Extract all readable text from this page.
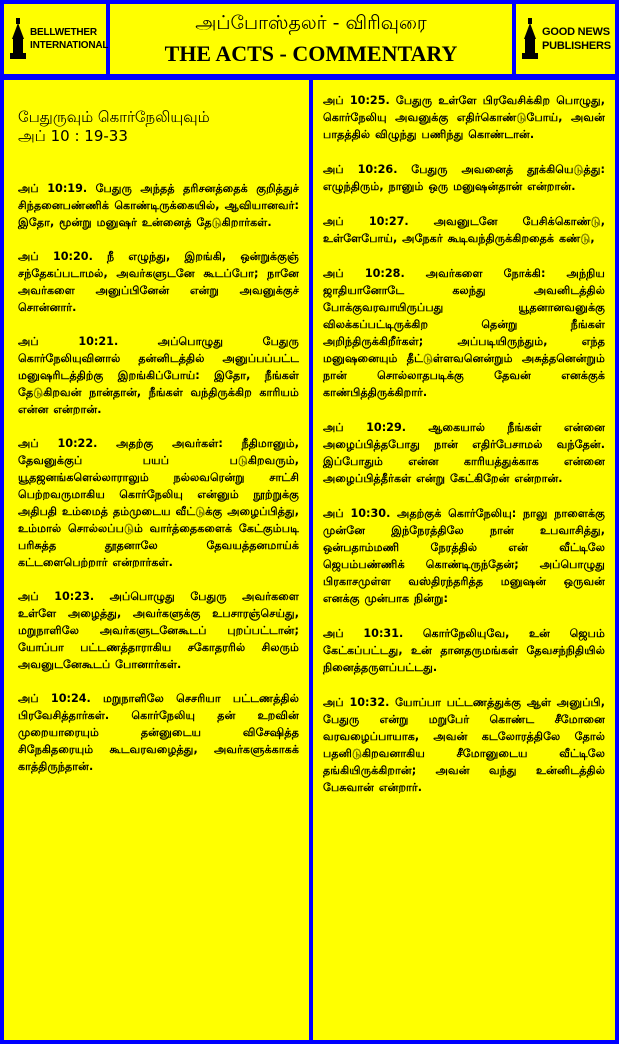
BELLWETHER
INTERNATIONAL
அப்போஸ்தலர் - விரிவுரை
THE ACTS - COMMENTARY
GOOD NEWS
PUBLISHERS
பேதுருவும் கொர்நேலியுவும்
அப் 10 : 19-33
அப் 10:19. பேதுரு அந்தத் தரிசனத்தைக் குறித்துச் சிந்தனைபண்ணிக் கொண்டிருக்கையில், ஆவியானவர்: இதோ, மூன்று மனுஷர் உன்னைத் தேடுகிறார்கள்.
அப் 10:20. நீ எழுந்து, இறங்கி, ஒன்றுக்குஞ் சந்தேகப்படாமல், அவர்களுடனே கூடப்போ; நானே அவர்களை அனுப்பினேன் என்று அவனுக்குச் சொன்னார்.
அப் 10:21. அப்பொழுது பேதுரு கொர்நேலியுவினால் தன்னிடத்தில் அனுப்பப்பட்ட மனுஷரிடத்திற்கு இறங்கிப்போய்: இதோ, நீங்கள் தேடுகிறவன் நான்தான், நீங்கள் வந்திருக்கிற காரியம் என்ன என்றான்.
அப் 10:22. அதற்கு அவர்கள்: நீதிமானும், தேவனுக்குப் பயப் படுகிறவரும், யூதஜனங்களெல்லாராலும் நல்லவரென்று சாட்சி பெற்றவருமாகிய கொர்நேலியு என்னும் நூற்றுக்கு அதிபதி உம்மைத் தம்முடைய வீட்டுக்கு அழைப்பித்து, உம்மால் சொல்லப்படும் வார்த்தைகளைக் கேட்கும்படி பரிசுத்த தூதனாலே தேவயத்தனமாய்க் கட்டளைபெற்றார் என்றார்கள்.
அப் 10:23. அப்பொழுது பேதுரு அவர்களை உள்ளே அழைத்து, அவர்களுக்கு உபசாரஞ்செய்து, மறுநாளிலே அவர்களுடனேகூடப் புறப்பட்டான்; யோப்பா பட்டணத்தாராகிய சகோதரரில் சிலரும் அவனுடனேகூடப் போனார்கள்.
அப் 10:24. மறுநாளிலே செசரியா பட்டணத்தில் பிரவேசித்தார்கள். கொர்நேலியு தன் உறவின் முறையாரையும் தன்னுடைய விசேஷித்த சிநேகிதரையும் கூடவரவழைத்து, அவர்களுக்காகக் காத்திருந்தான்.
அப் 10:25. பேதுரு உள்ளே பிரவேசிக்கிற பொழுது, கொர்நேலியு அவனுக்கு எதிர்கொண்டுபோய், அவன் பாதத்தில் விழுந்து பணிந்து கொண்டான்.
அப் 10:26. பேதுரு அவனைத் தூக்கியெடுத்து: எழுந்திரும், நானும் ஒரு மனுஷன்தான் என்றான்.
அப் 10:27. அவனுடனே பேசிக்கொண்டு, உள்ளேபோய், அநேகர் கூடிவந்திருக்கிறதைக் கண்டு,
அப் 10:28. அவர்களை நோக்கி: அந்நிய ஜாதியானோடே கலந்து அவனிடத்தில் போக்குவரவாயிருப்பது யூதனானவனுக்கு விலக்கப்பட்டிருக்கிற தென்று நீங்கள் அறிந்திருக்கிறீர்கள்; அப்படியிருந்தும், எந்த மனுஷனையும் தீட்டுள்ளவனென்றும் அசுத்தனென்றும் நான் சொல்லாதபடிக்கு தேவன் எனக்குக் காண்பித்திருக்கிறார்.
அப் 10:29. ஆகையால் நீங்கள் என்னை அழைப்பித்தபோது நான் எதிர்பேசாமல் வந்தேன். இப்போதும் என்ன காரியத்துக்காக என்னை அழைப்பித்தீர்கள் என்று கேட்கிறேன் என்றான்.
அப் 10:30. அதற்குக் கொர்நேலியு: நாலு நாளைக்கு முன்னே இந்நேரத்திலே நான் உபவாசித்து, ஒன்பதாம்மணி நேரத்தில் என் வீட்டிலே ஜெபம்பண்ணிக் கொண்டிருந்தேன்; அப்பொழுது பிரகாசமுள்ள வஸ்திரந்தரித்த மனுஷன் ஒருவன் எனக்கு முன்பாக நின்று:
அப் 10:31. கொர்நேலியுவே, உன் ஜெபம் கேட்கப்பட்டது, உன் தானதருமங்கள் தேவசந்நிதியில் நினைத்தருளப்பட்டது.
அப் 10:32. யோப்பா பட்டணத்துக்கு ஆள் அனுப்பி, பேதுரு என்று மறுபேர் கொண்ட சீமோனை வரவழைப்பாயாக, அவன் கடலோரத்திலே தோல் பதனிடுகிறவனாகிய சீமோனுடைய வீட்டிலே தங்கியிருக்கிறான்; அவன் வந்து உன்னிடத்தில் பேசுவான் என்றார்.
